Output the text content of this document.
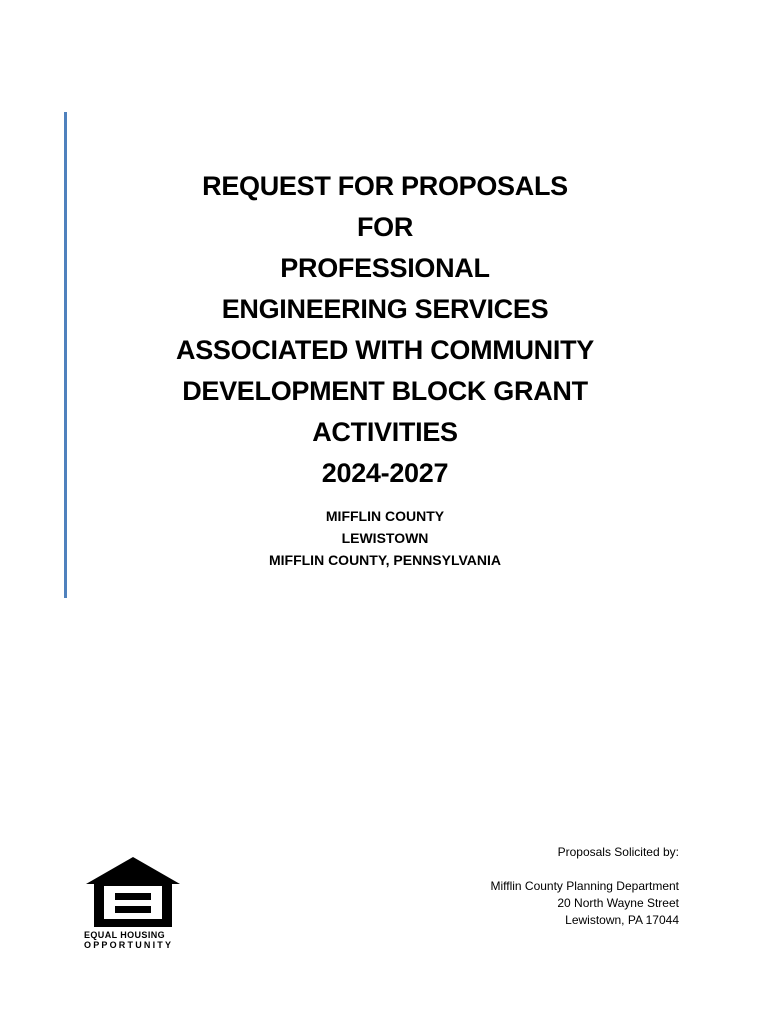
REQUEST FOR PROPOSALS
FOR
PROFESSIONAL
ENGINEERING SERVICES
ASSOCIATED WITH COMMUNITY
DEVELOPMENT BLOCK GRANT
ACTIVITIES
2024-2027
MIFFLIN COUNTY
LEWISTOWN
MIFFLIN COUNTY, PENNSYLVANIA
EQUAL HOUSING
OPPORTUNITY
Proposals Solicited by:
Mifflin County Planning Department
20 North Wayne Street
Lewistown, PA 17044
